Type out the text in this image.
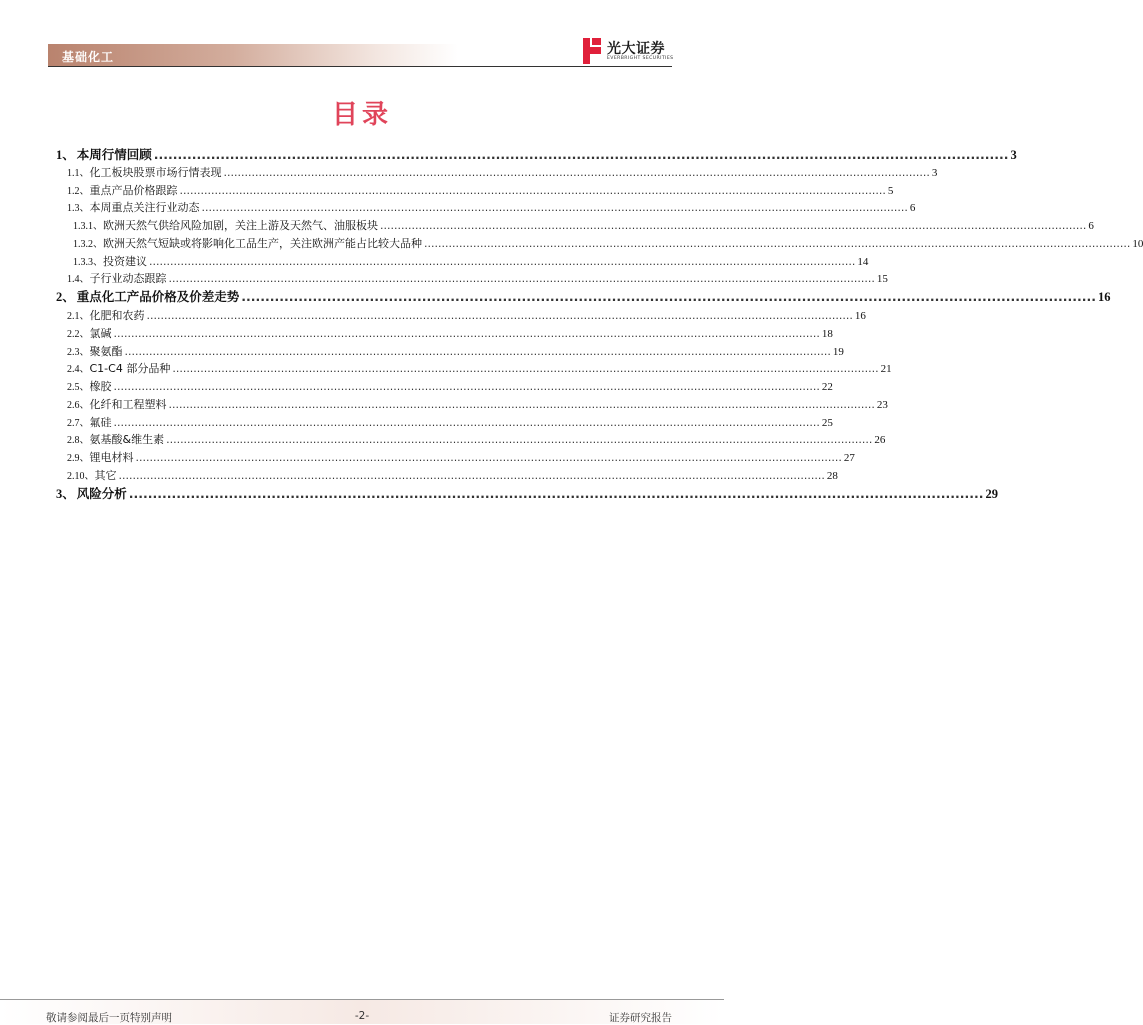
基础化工	光大证券
EVERBRIGHT SECURITIES
目录
1、 本周行情回顾 .................................................................................................................................................................................... 3
1.1、 化工板块股票市场行情表现 .......................................................................................................................................................................................................... 3
1.2、 重点产品价格跟踪 .......................................................................................................................................................................................................... 5
1.3、 本周重点关注行业动态 .......................................................................................................................................................................................................... 6
1.3.1、 欧洲天然气供给风险加剧，关注上游及天然气、油服板块 .......................................................................................................................................................................................................... 6
1.3.2、 欧洲天然气短缺或将影响化工品生产，关注欧洲产能占比较大品种 .......................................................................................................................................................................................................... 10
1.3.3、 投资建议 .......................................................................................................................................................................................................... 14
1.4、 子行业动态跟踪 .......................................................................................................................................................................................................... 15
2、 重点化工产品价格及价差走势 .................................................................................................................................................................................... 16
2.1、 化肥和农药 .......................................................................................................................................................................................................... 16
2.2、 氯碱 .......................................................................................................................................................................................................... 18
2.3、 聚氨酯 .......................................................................................................................................................................................................... 19
2.4、 C1-C4 部分品种 .......................................................................................................................................................................................................... 21
2.5、 橡胶 .......................................................................................................................................................................................................... 22
2.6、 化纤和工程塑料 .......................................................................................................................................................................................................... 23
2.7、 氟硅 .......................................................................................................................................................................................................... 25
2.8、 氨基酸&维生素 .......................................................................................................................................................................................................... 26
2.9、 锂电材料 .......................................................................................................................................................................................................... 27
2.10、 其它 .......................................................................................................................................................................................................... 28
3、 风险分析 .................................................................................................................................................................................... 29
敬请参阅最后一页特别声明	-2-	证券研究报告
